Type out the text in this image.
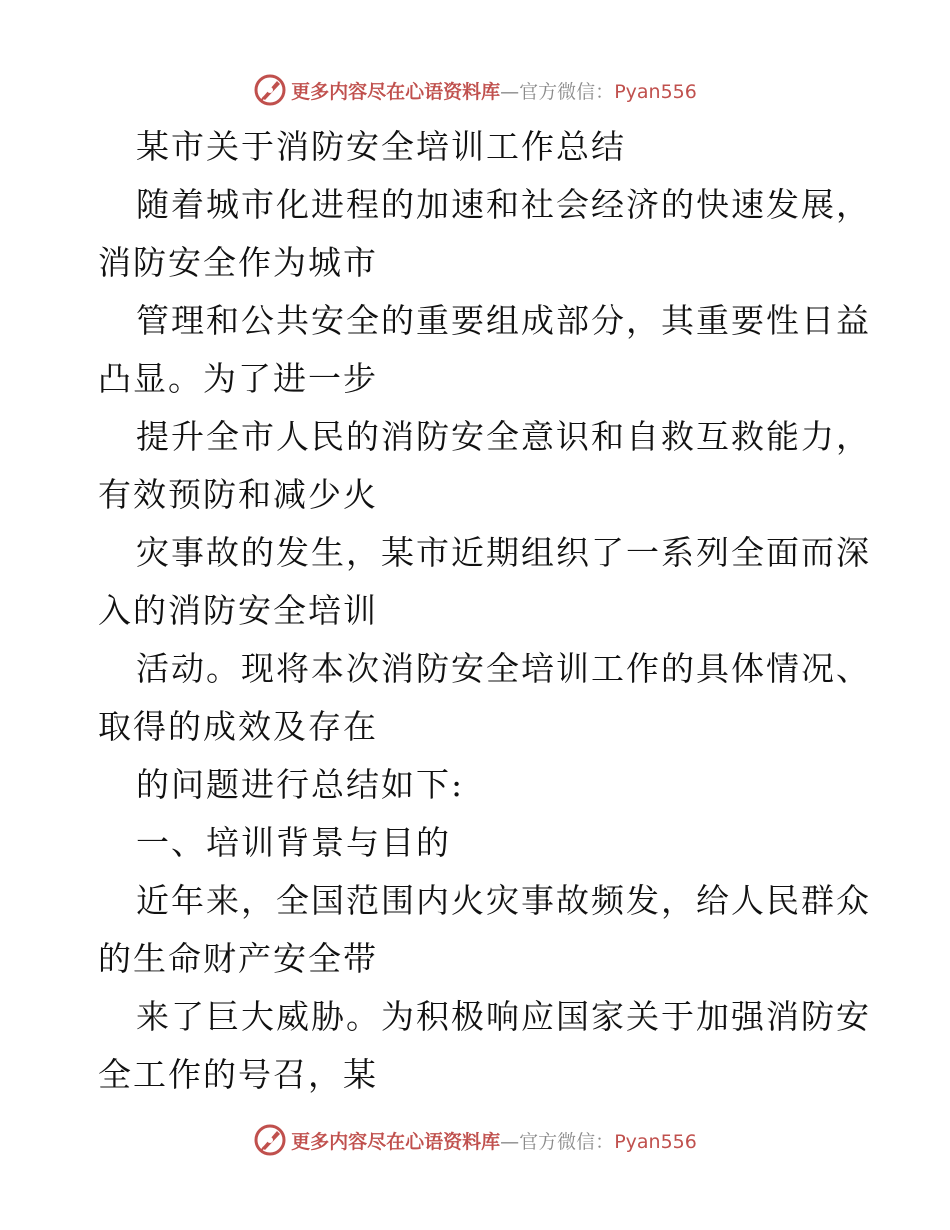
更多内容尽在心语资料库—官方微信：Pyan556

某市关于消防安全培训工作总结

随着城市化进程的加速和社会经济的快速发展，

消防安全作为城市

管理和公共安全的重要组成部分，其重要性日益

凸显。为了进一步

提升全市人民的消防安全意识和自救互救能力，

有效预防和减少火

灾事故的发生，某市近期组织了一系列全面而深

入的消防安全培训

活动。现将本次消防安全培训工作的具体情况、

取得的成效及存在

的问题进行总结如下:

一、培训背景与目的

近年来，全国范围内火灾事故频发，给人民群众

的生命财产安全带

来了巨大威胁。为积极响应国家关于加强消防安

全工作的号召，某

更多内容尽在心语资料库—官方微信：Pyan556
